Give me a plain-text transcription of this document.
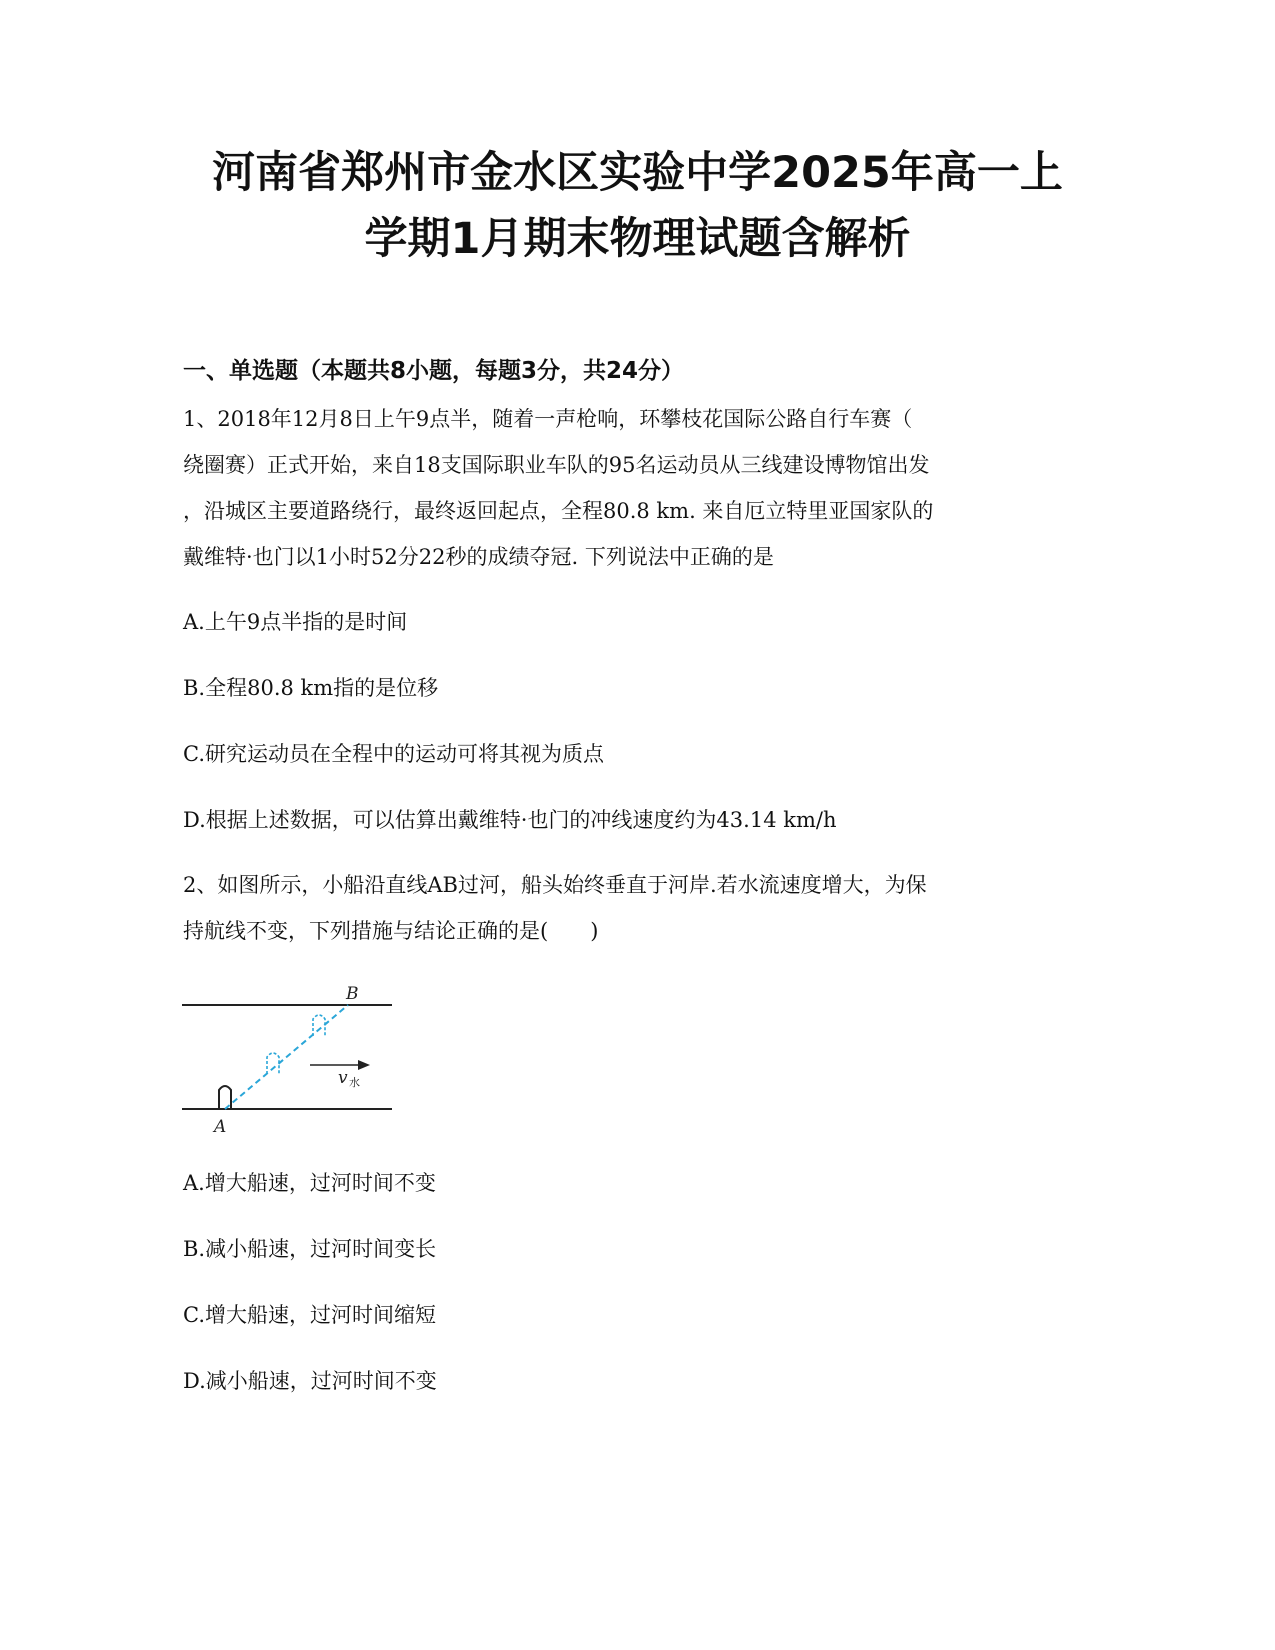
河南省郑州市金水区实验中学2025年高一上
学期1月期末物理试题含解析
一、单选题（本题共8小题，每题3分，共24分）
1、2018年12月8日上午9点半，随着一声枪响，环攀枝花国际公路自行车赛（
绕圈赛）正式开始，来自18支国际职业车队的95名运动员从三线建设博物馆出发
，沿城区主要道路绕行，最终返回起点，全程80.8 km. 来自厄立特里亚国家队的
戴维特·也门以1小时52分22秒的成绩夺冠. 下列说法中正确的是
A.上午9点半指的是时间
B.全程80.8 km指的是位移
C.研究运动员在全程中的运动可将其视为质点
D.根据上述数据，可以估算出戴维特·也门的冲线速度约为43.14 km/h
2、如图所示，小船沿直线AB过河，船头始终垂直于河岸.若水流速度增大，为保
持航线不变，下列措施与结论正确的是(　　)
B
A
v 水
A.增大船速，过河时间不变
B.减小船速，过河时间变长
C.增大船速，过河时间缩短
D.减小船速，过河时间不变
